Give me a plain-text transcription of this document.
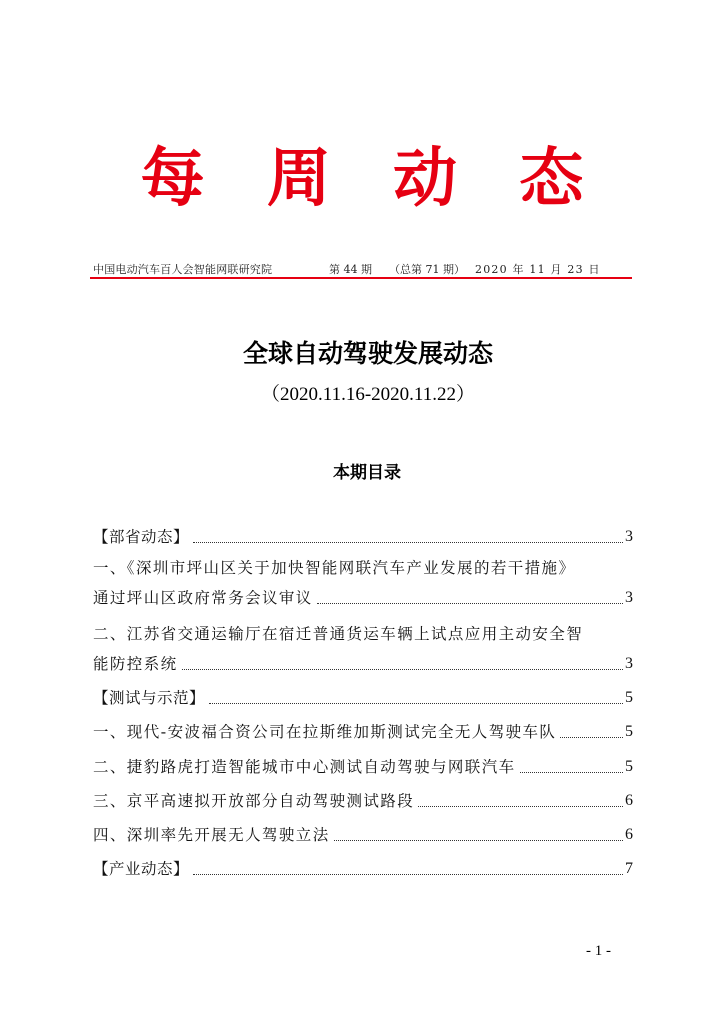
每 周 动 态
中国电动汽车百人会智能网联研究院	第 44 期 （总第 71 期） 2020 年 11 月 23 日
全球自动驾驶发展动态
（2020.11.16-2020.11.22）
本期目录
【部省动态】	3
一、《深圳市坪山区关于加快智能网联汽车产业发展的若干措施》
通过坪山区政府常务会议审议	3
二、江苏省交通运输厅在宿迁普通货运车辆上试点应用主动安全智
能防控系统	3
【测试与示范】	5
一、现代-安波福合资公司在拉斯维加斯测试完全无人驾驶车队	5
二、捷豹路虎打造智能城市中心测试自动驾驶与网联汽车	5
三、京平高速拟开放部分自动驾驶测试路段	6
四、深圳率先开展无人驾驶立法	6
【产业动态】	7
- 1 -
